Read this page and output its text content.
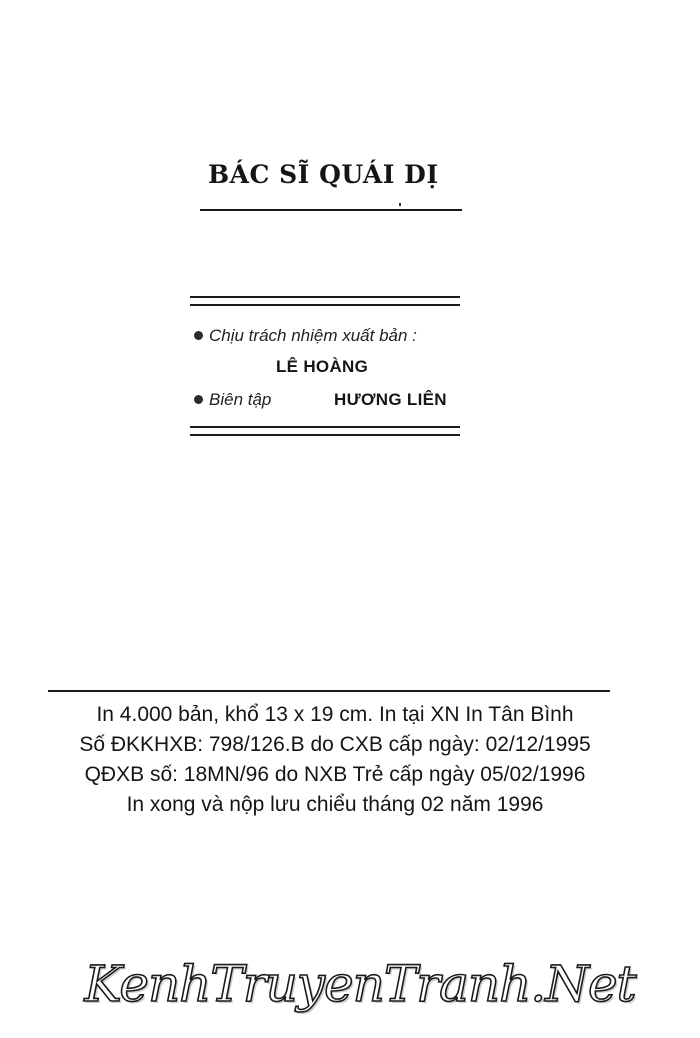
BÁC SĨ QUÁI DỊ
Chịu trách nhiệm xuất bản :
LÊ HOÀNG
Biên tập	HƯƠNG LIÊN
In 4.000 bản, khổ 13 x 19 cm. In tại XN In Tân Bình
Số ĐKKHXB: 798/126.B do CXB cấp ngày: 02/12/1995
QĐXB số: 18MN/96 do NXB Trẻ cấp ngày 05/02/1996
In xong và nộp lưu chiểu tháng 02 năm 1996
KenhTruyenTranh.Net
